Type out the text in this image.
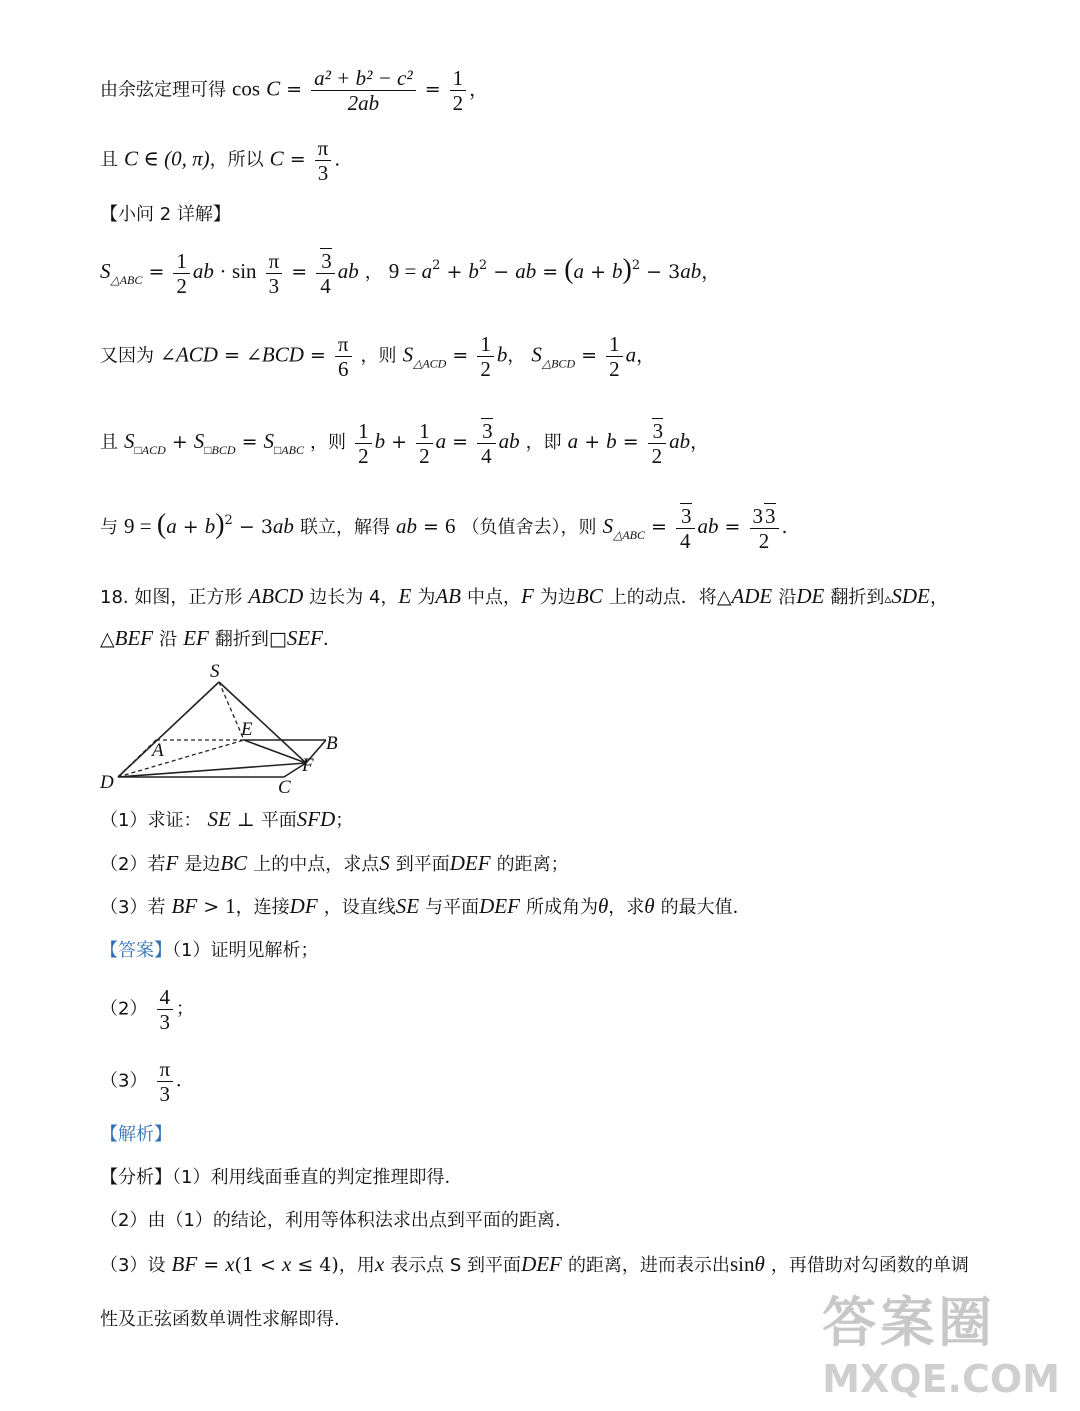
由余弦定理可得 $\cos C = \frac{\text{a² + b² − c²}}{2ab} = \frac{1}{2}$ ，
且 C ∈ (0, π)，所以 $C = \frac{\pi}{3}$ .
【小问 2 详解】
$S_{\triangle ABC} = \frac{1}{2}$ ab · $\sin \frac{\pi}{3} = \frac{3}{4}$ ab ， $9 = a^2 + b^2$ − ab = $(a + b)^2 - 3ab$，
又因为 ∠ACD = ∠BCD = $\frac{\pi}{6}$ ，则 $S_{\triangle ACD} = \frac{1}{2}$ b， $S_{\triangle BCD} = \frac{1}{2}$ a，
且 $S_{□ACD} + S_{□BCD} = S_{□ABC}$ ，则 $\frac{1}{2}$ $b + \frac{1}{2}$ $a = \frac{3}{4}$ ab ，即 $a + b = \frac{3}{2}$ ab，
与 $9 = (a + b)^2 - 3ab$ 联立，解得 ab = 6 （负值舍去），则 $S_{\triangle ABC} = \frac{3}{4}$ ab = $\frac{33}{2}$ .
18. 如图，正方形 ABCD 边长为 4，E 为AB 中点，F 为边BC 上的动点．将△ADE 沿DE 翻折到▵SDE，
△BEF 沿 EF 翻折到□SEF．
S
E
A	B
D
F
C
（1）求证： SE ⊥ 平面SFD；
（2）若F 是边BC 上的中点，求点S 到平面DEF 的距离；
（3）若 BF > 1，连接DF ，设直线SE 与平面DEF 所成角为θ，求θ 的最大值．
【答案】（1）证明见解析；
$(2) \frac{4}{3}$ ；
$(3) \frac{\pi}{3}$ .
【解析】
【分析】（1）利用线面垂直的判定推理即得.
（2）由（1）的结论，利用等体积法求出点到平面的距离.
（3）设 BF = x(1 < x ≤ 4)，用x 表示点 S 到平面DEF 的距离，进而表示出sinθ ，再借助对勾函数的单调
性及正弦函数单调性求解即得.	答案圈
MXQE.COM
